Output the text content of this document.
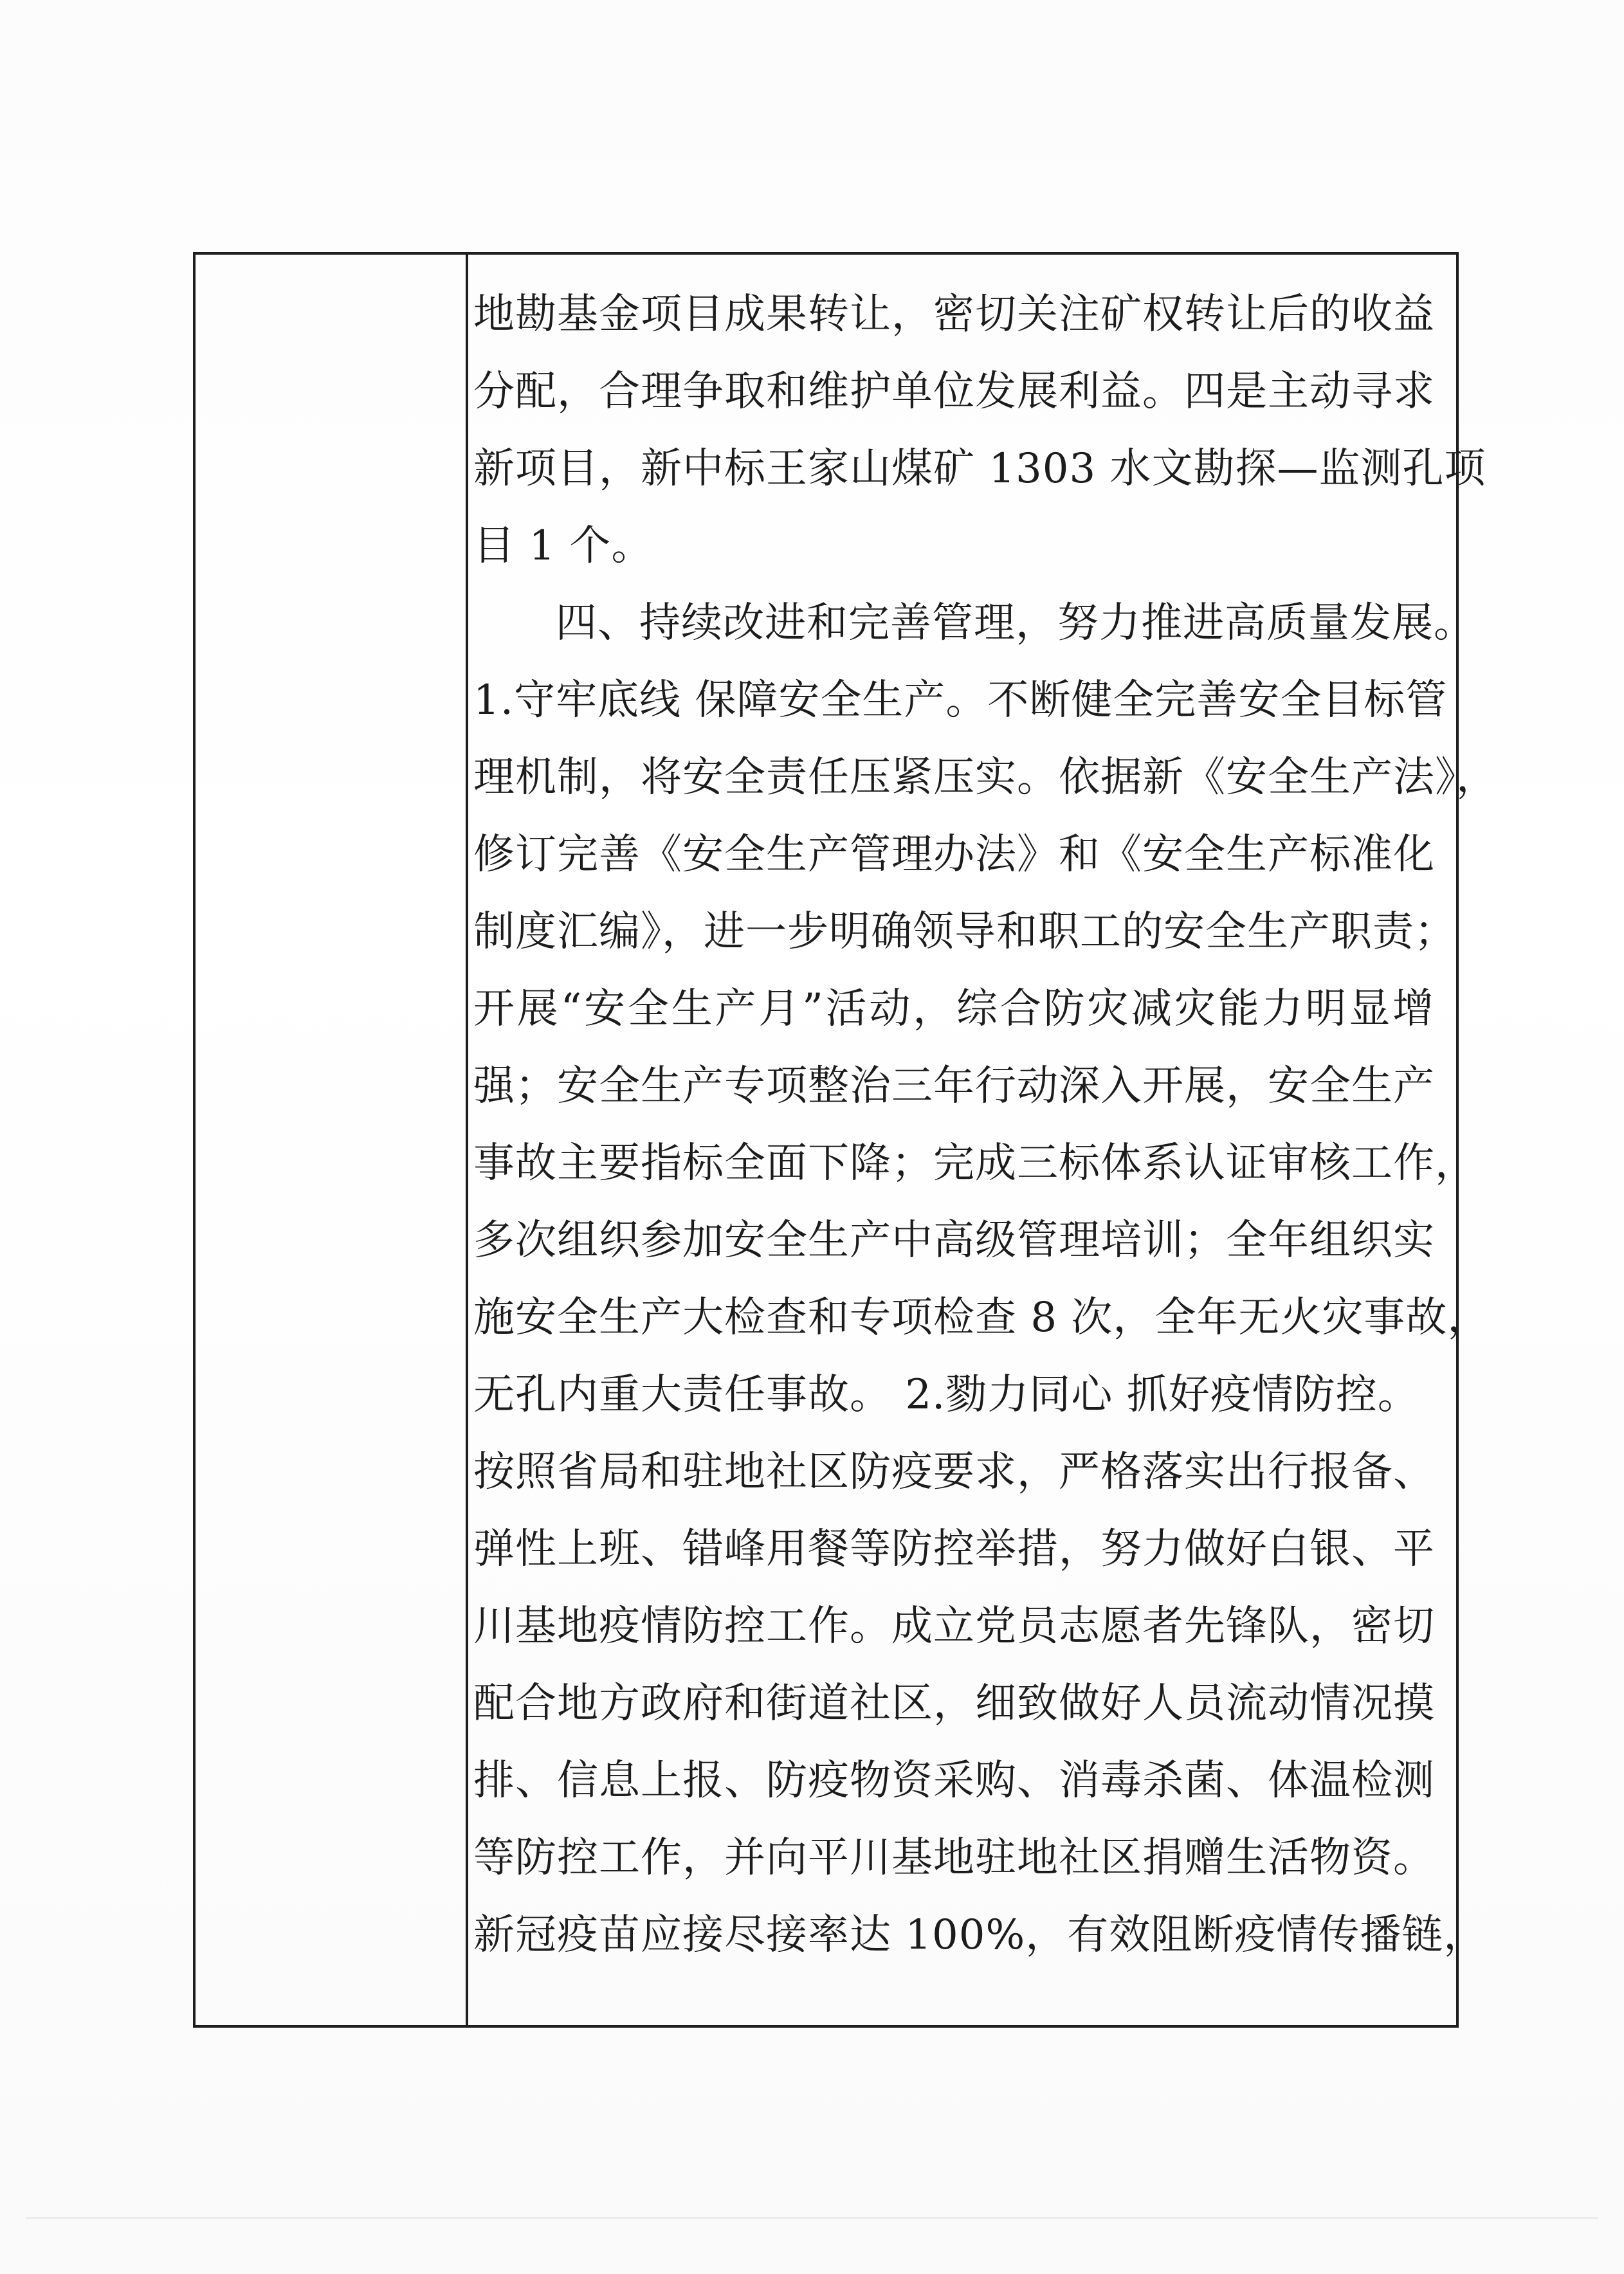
地勘基金项目成果转让，密切关注矿权转让后的收益
分配，合理争取和维护单位发展利益。四是主动寻求
新项目，新中标王家山煤矿 1303 水文勘探—监测孔项
目 1 个。
四、持续改进和完善管理，努力推进高质量发展。
1.守牢底线 保障安全生产。不断健全完善安全目标管
理机制，将安全责任压紧压实。依据新《安全生产法》，
修订完善《安全生产管理办法》和《安全生产标准化
制度汇编》，进一步明确领导和职工的安全生产职责；
开展“安全生产月”活动，综合防灾减灾能力明显增
强；安全生产专项整治三年行动深入开展，安全生产
事故主要指标全面下降；完成三标体系认证审核工作，
多次组织参加安全生产中高级管理培训；全年组织实
施安全生产大检查和专项检查 8 次，全年无火灾事故，
无孔内重大责任事故。 2.勠力同心 抓好疫情防控。
按照省局和驻地社区防疫要求，严格落实出行报备、
弹性上班、错峰用餐等防控举措，努力做好白银、平
川基地疫情防控工作。成立党员志愿者先锋队，密切
配合地方政府和街道社区，细致做好人员流动情况摸
排、信息上报、防疫物资采购、消毒杀菌、体温检测
等防控工作，并向平川基地驻地社区捐赠生活物资。
新冠疫苗应接尽接率达 100%，有效阻断疫情传播链，
